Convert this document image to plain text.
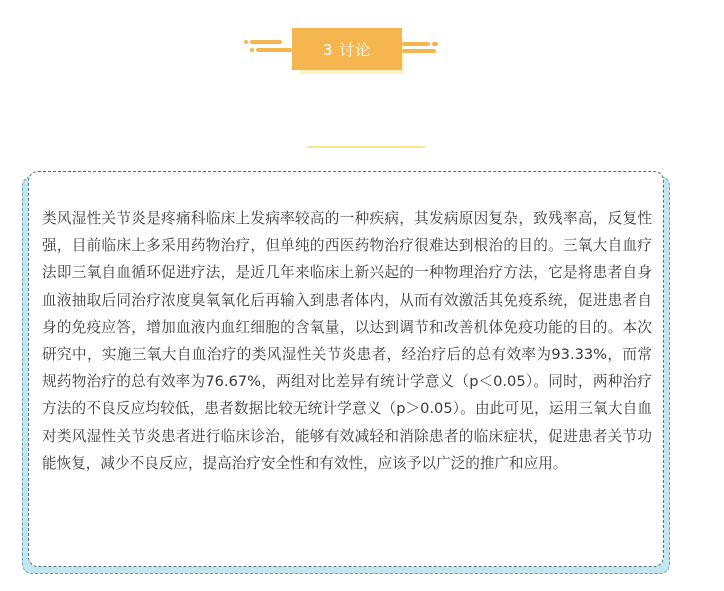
3 讨论

类风湿性关节炎是疼痛科临床上发病率较高的一种疾病，其发病原因复杂，致残率高，反复性强，目前临床上多采用药物治疗，但单纯的西医药物治疗很难达到根治的目的。三氧大自血疗法即三氧自血循环促进疗法，是近几年来临床上新兴起的一种物理治疗方法，它是将患者自身血液抽取后同治疗浓度臭氧氧化后再输入到患者体内，从而有效激活其免疫系统，促进患者自身的免疫应答，增加血液内血红细胞的含氧量，以达到调节和改善机体免疫功能的目的。本次研究中，实施三氧大自血治疗的类风湿性关节炎患者，经治疗后的总有效率为93.33%，而常规药物治疗的总有效率为76.67%，两组对比差异有统计学意义（p＜0.05）。同时，两种治疗方法的不良反应均较低，患者数据比较无统计学意义（p＞0.05）。由此可见，运用三氧大自血对类风湿性关节炎患者进行临床诊治，能够有效减轻和消除患者的临床症状，促进患者关节功能恢复，减少不良反应，提高治疗安全性和有效性，应该予以广泛的推广和应用。
